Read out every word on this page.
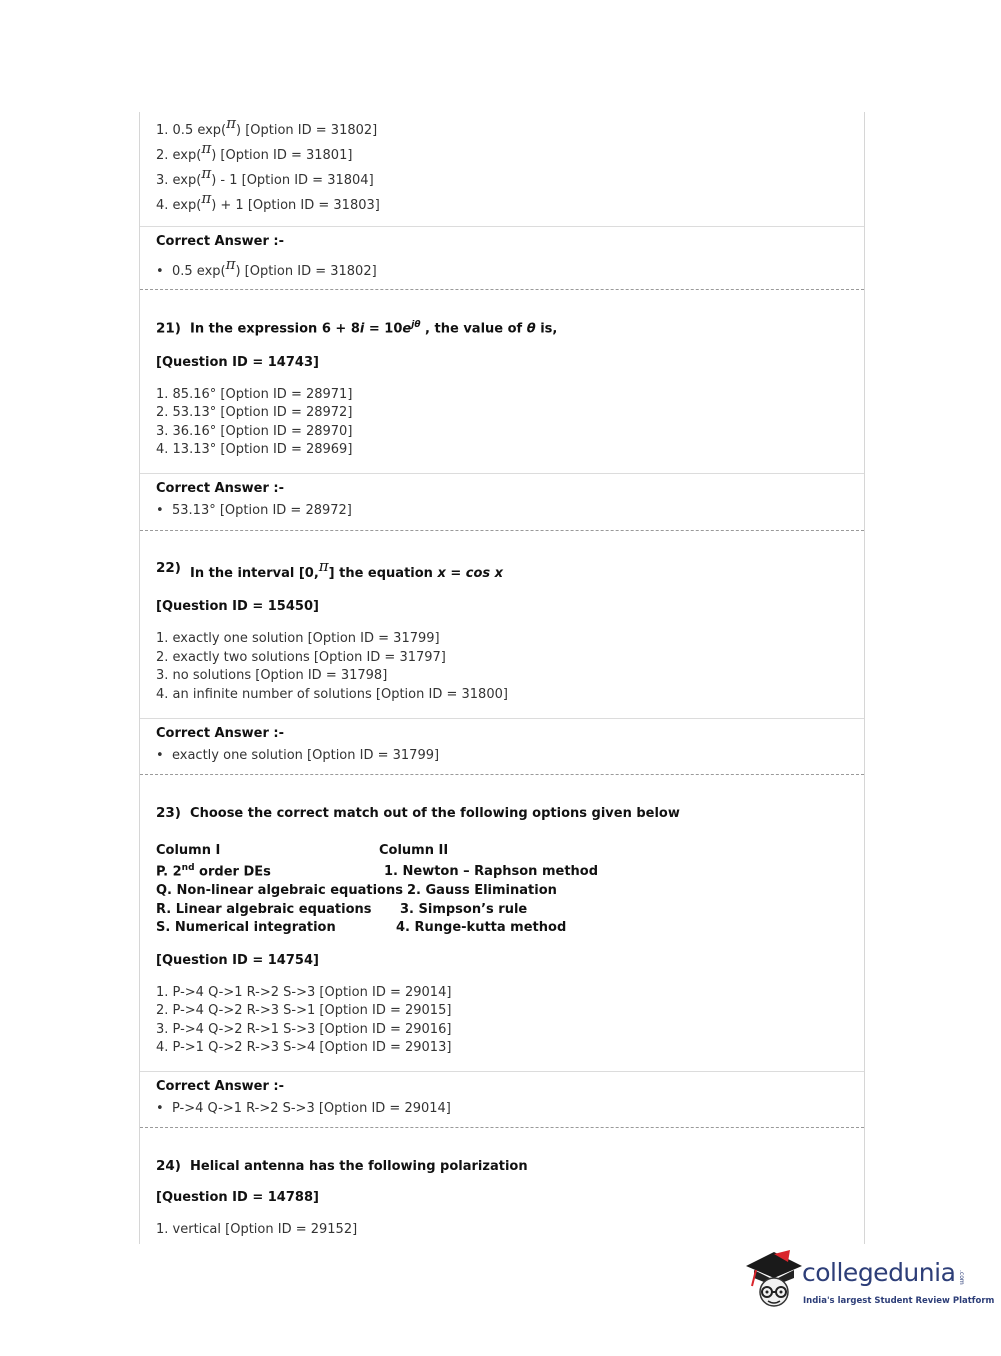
1. 0.5 exp(π) [Option ID = 31802]
2. exp(π) [Option ID = 31801]
3. exp(π) - 1 [Option ID = 31804]
4. exp(π) + 1 [Option ID = 31803]
Correct Answer :-
• 0.5 exp(π) [Option ID = 31802]
21) In the expression $6 + 8i = 10e^{j\theta}$ , the value of θ is,
[Question ID = 14743]
1. 85.16° [Option ID = 28971]
2. 53.13° [Option ID = 28972]
3. 36.16° [Option ID = 28970]
4. 13.13° [Option ID = 28969]
Correct Answer :-
• 53.13° [Option ID = 28972]
22) In the interval [0,π] the equation x = cos x
[Question ID = 15450]
1. exactly one solution [Option ID = 31799]
2. exactly two solutions [Option ID = 31797]
3. no solutions [Option ID = 31798]
4. an infinite number of solutions [Option ID = 31800]
Correct Answer :-
• exactly one solution [Option ID = 31799]
23) Choose the correct match out of the following options given below
Column I	Column II
P. 2nd order DEs
Q. Non-linear algebraic equations
R. Linear algebraic equations
S. Numerical integration
1. Newton – Raphson method
2. Gauss Elimination
3. Simpson’s rule
4. Runge-kutta method
[Question ID = 14754]
1. P->4 Q->1 R->2 S->3 [Option ID = 29014]
2. P->4 Q->2 R->3 S->1 [Option ID = 29015]
3. P->4 Q->2 R->1 S->3 [Option ID = 29016]
4. P->1 Q->2 R->3 S->4 [Option ID = 29013]
Correct Answer :-
• P->4 Q->1 R->2 S->3 [Option ID = 29014]
24) Helical antenna has the following polarization
[Question ID = 14788]
1. vertical [Option ID = 29152]
collegedunia .com
India's largest Student Review Platform
